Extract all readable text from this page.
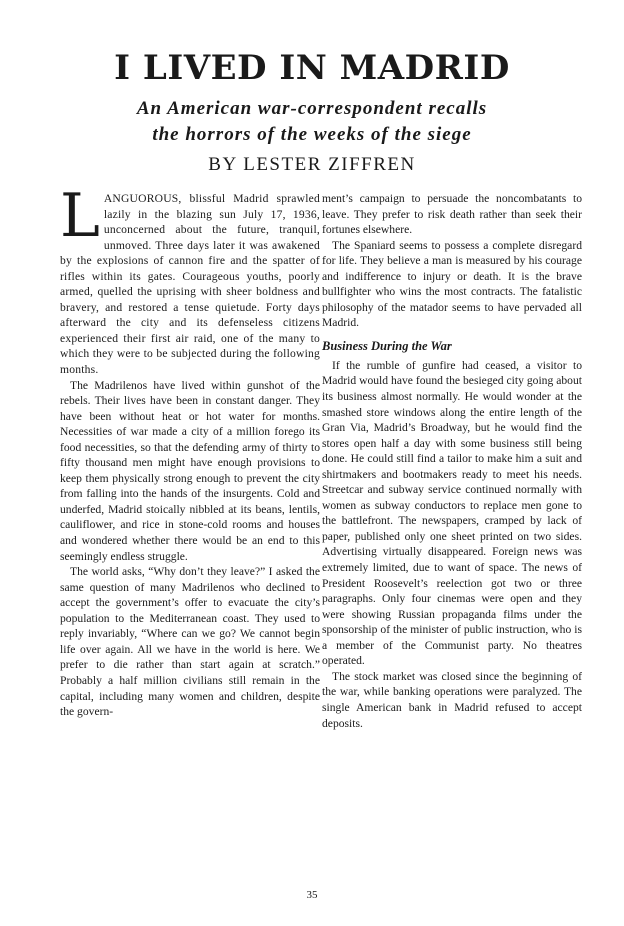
I LIVED IN MADRID
An American war-correspondent recalls
the horrors of the weeks of the siege
BY LESTER ZIFFREN

LANGUOROUS, blissful Madrid sprawled lazily in the blazing sun July 17, 1936, unconcerned about the future, tranquil, unmoved. Three days later it was awakened by the explosions of cannon fire and the spatter of rifles within its gates. Courageous youths, poorly armed, quelled the uprising with sheer boldness and bravery, and restored a tense quietude. Forty days afterward the city and its defenseless citizens experienced their first air raid, one of the many to which they were to be subjected during the following months.

The Madrilenos have lived within gunshot of the rebels. Their lives have been in constant danger. They have been without heat or hot water for months. Necessities of war made a city of a million forego its food necessities, so that the defending army of thirty to fifty thousand men might have enough provisions to keep them physically strong enough to prevent the city from falling into the hands of the insurgents. Cold and underfed, Madrid stoically nibbled at its beans, lentils, cauliflower, and rice in stone-cold rooms and houses and wondered whether there would be an end to this seemingly endless struggle.

The world asks, “Why don’t they leave?” I asked the same question of many Madrilenos who declined to accept the government’s offer to evacuate the city’s population to the Mediterranean coast. They used to reply invariably, “Where can we go? We cannot begin life over again. All we have in the world is here. We prefer to die rather than start again at scratch.” Probably a half million civilians still remain in the capital, including many women and children, despite the govern-

ment’s campaign to persuade the noncombatants to leave. They prefer to risk death rather than seek their fortunes elsewhere.

The Spaniard seems to possess a complete disregard for life. They believe a man is measured by his courage and indifference to injury or death. It is the brave bullfighter who wins the most contracts. The fatalistic philosophy of the matador seems to have pervaded all Madrid.

Business During the War

If the rumble of gunfire had ceased, a visitor to Madrid would have found the besieged city going about its business almost normally. He would wonder at the smashed store windows along the entire length of the Gran Via, Madrid’s Broadway, but he would find the stores open half a day with some business still being done. He could still find a tailor to make him a suit and shirtmakers and bootmakers ready to meet his needs. Streetcar and subway service continued normally with women as subway conductors to replace men gone to the battlefront. The newspapers, cramped by lack of paper, published only one sheet printed on two sides. Advertising virtually disappeared. Foreign news was extremely limited, due to want of space. The news of President Roosevelt’s reelection got two or three paragraphs. Only four cinemas were open and they were showing Russian propaganda films under the sponsorship of the minister of public instruction, who is a member of the Communist party. No theatres operated.

The stock market was closed since the beginning of the war, while banking operations were paralyzed. The single American bank in Madrid refused to accept deposits.

35
